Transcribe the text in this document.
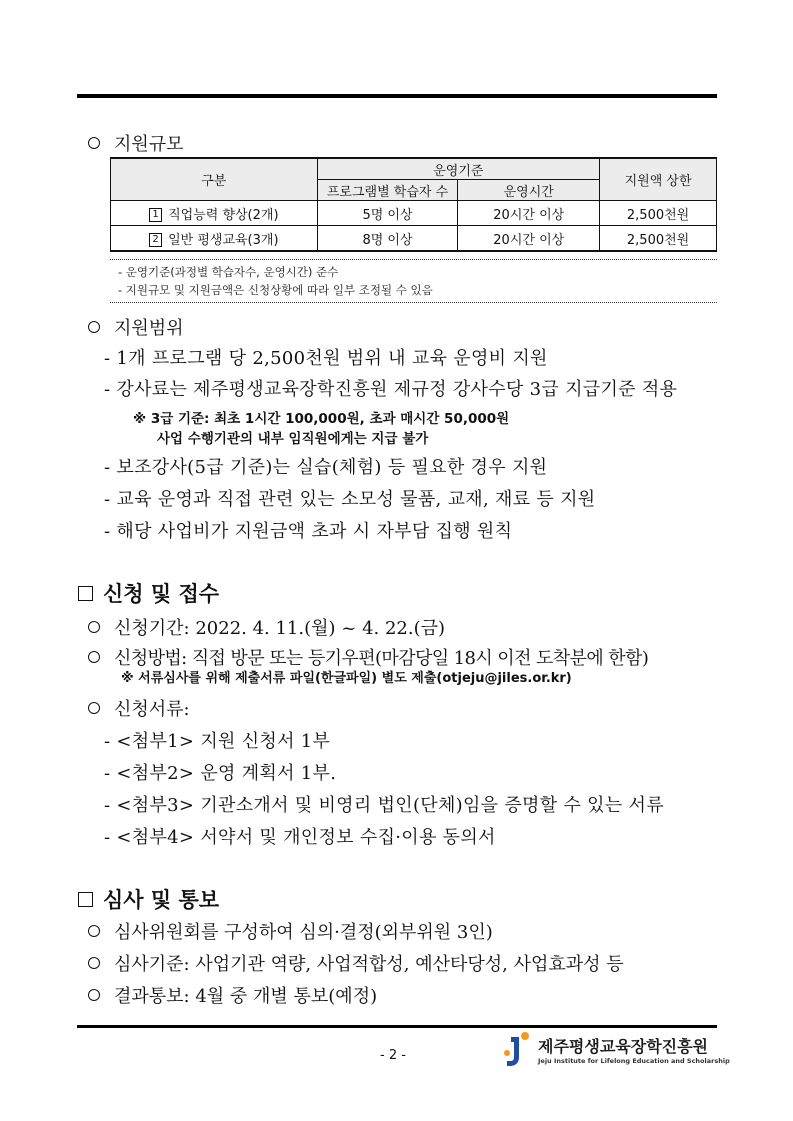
지원규모
구분	운영기준		지원액 상한
	프로그램별 학습자 수	운영시간	
1 직업능력 향상(2개)	5명 이상	20시간 이상	2,500천원
2 일반 평생교육(3개)	8명 이상	20시간 이상	2,500천원
- 운영기준(과정별 학습자수, 운영시간) 준수
- 지원규모 및 지원금액은 신청상황에 따라 일부 조정될 수 있음
지원범위
- 1개 프로그램 당 2,500천원 범위 내 교육 운영비 지원
- 강사료는 제주평생교육장학진흥원 제규정 강사수당 3급 지급기준 적용
※ 3급 기준: 최초 1시간 100,000원, 초과 매시간 50,000원
사업 수행기관의 내부 임직원에게는 지급 불가
- 보조강사(5급 기준)는 실습(체험) 등 필요한 경우 지원
- 교육 운영과 직접 관련 있는 소모성 물품, 교재, 재료 등 지원
- 해당 사업비가 지원금액 초과 시 자부담 집행 원칙
신청 및 접수
신청기간: 2022. 4. 11.(월) ~ 4. 22.(금)
신청방법: 직접 방문 또는 등기우편(마감당일 18시 이전 도착분에 한함)
※ 서류심사를 위해 제출서류 파일(한글파일) 별도 제출(otjeju@jiles.or.kr)
신청서류:
- <첨부1> 지원 신청서 1부
- <첨부2> 운영 계획서 1부.
- <첨부3> 기관소개서 및 비영리 법인(단체)임을 증명할 수 있는 서류
- <첨부4> 서약서 및 개인정보 수집·이용 동의서
심사 및 통보
심사위원회를 구성하여 심의·결정(외부위원 3인)
심사기준: 사업기관 역량, 사업적합성, 예산타당성, 사업효과성 등
결과통보: 4월 중 개별 통보(예정)
- 2 -	제주평생교육장학진흥원
Jeju Institute for Lifelong Education and Scholarship
